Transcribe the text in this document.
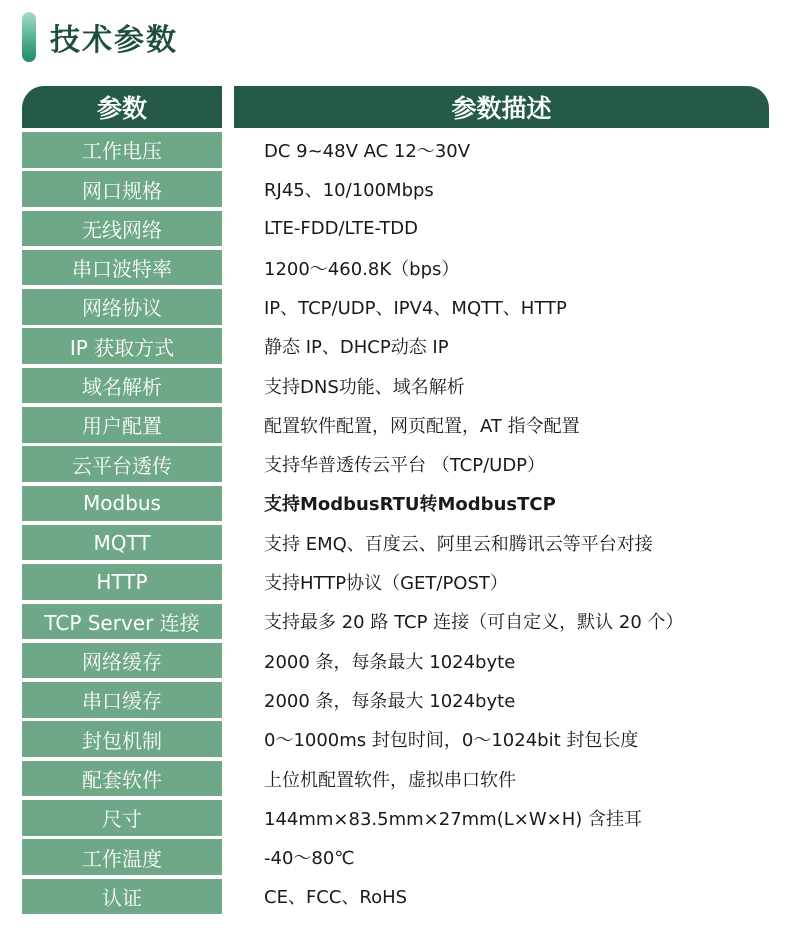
技术参数
参数	参数描述
工作电压	DC 9~48V AC 12～30V
网口规格	RJ45、10/100Mbps
无线网络	LTE-FDD/LTE-TDD
串口波特率	1200～460.8K（bps）
网络协议	IP、TCP/UDP、IPV4、MQTT、HTTP
IP 获取方式	静态 IP、DHCP动态 IP
域名解析	支持DNS功能、域名解析
用户配置	配置软件配置，网页配置，AT 指令配置
云平台透传	支持华普透传云平台 （TCP/UDP）
Modbus	支持ModbusRTU转ModbusTCP
MQTT	支持 EMQ、百度云、阿里云和腾讯云等平台对接
HTTP	支持HTTP协议（GET/POST）
TCP Server 连接	支持最多 20 路 TCP 连接（可自定义，默认 20 个）
网络缓存	2000 条，每条最大 1024byte
串口缓存	2000 条，每条最大 1024byte
封包机制	0～1000ms 封包时间，0～1024bit 封包长度
配套软件	上位机配置软件，虚拟串口软件
尺寸	144mm×83.5mm×27mm(L×W×H) 含挂耳
工作温度	-40～80℃
认证	CE、FCC、RoHS
